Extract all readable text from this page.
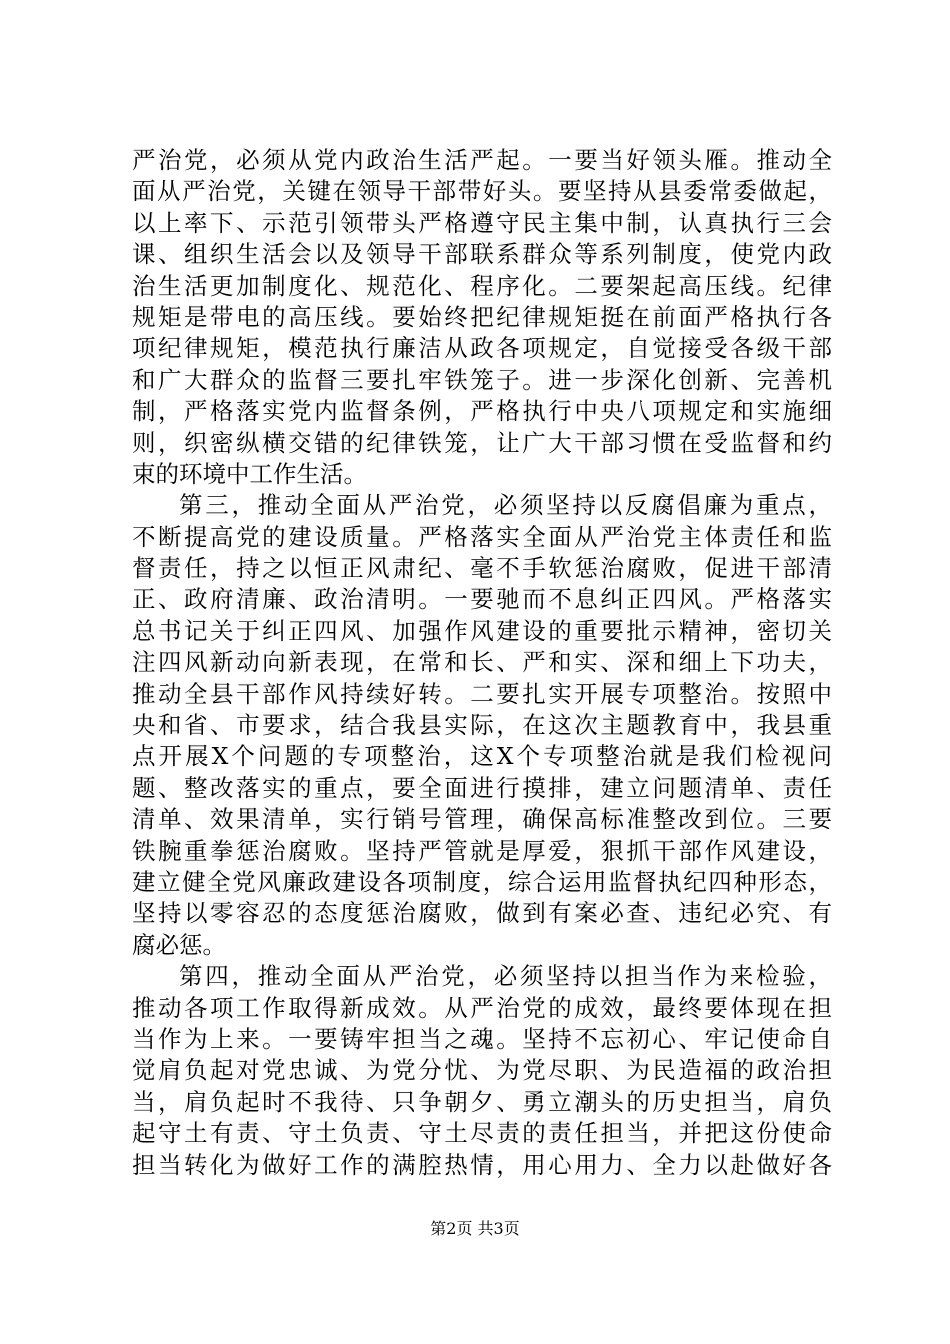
严治党，必须从党内政治生活严起。一要当好领头雁。推动全
面从严治党，关键在领导干部带好头。要坚持从县委常委做起，
以上率下、示范引领带头严格遵守民主集中制，认真执行三会
课、组织生活会以及领导干部联系群众等系列制度，使党内政
治生活更加制度化、规范化、程序化。二要架起高压线。纪律
规矩是带电的高压线。要始终把纪律规矩挺在前面严格执行各
项纪律规矩，模范执行廉洁从政各项规定，自觉接受各级干部
和广大群众的监督三要扎牢铁笼子。进一步深化创新、完善机
制，严格落实党内监督条例，严格执行中央八项规定和实施细
则，织密纵横交错的纪律铁笼，让广大干部习惯在受监督和约
束的环境中工作生活。
第三，推动全面从严治党，必须坚持以反腐倡廉为重点，
不断提高党的建设质量。严格落实全面从严治党主体责任和监
督责任，持之以恒正风肃纪、毫不手软惩治腐败，促进干部清
正、政府清廉、政治清明。一要驰而不息纠正四风。严格落实
总书记关于纠正四风、加强作风建设的重要批示精神，密切关
注四风新动向新表现，在常和长、严和实、深和细上下功夫，
推动全县干部作风持续好转。二要扎实开展专项整治。按照中
央和省、市要求，结合我县实际，在这次主题教育中，我县重
点开展X个问题的专项整治，这X个专项整治就是我们检视问
题、整改落实的重点，要全面进行摸排，建立问题清单、责任
清单、效果清单，实行销号管理，确保高标准整改到位。三要
铁腕重拳惩治腐败。坚持严管就是厚爱，狠抓干部作风建设，
建立健全党风廉政建设各项制度，综合运用监督执纪四种形态，
坚持以零容忍的态度惩治腐败，做到有案必查、违纪必究、有
腐必惩。
第四，推动全面从严治党，必须坚持以担当作为来检验，
推动各项工作取得新成效。从严治党的成效，最终要体现在担
当作为上来。一要铸牢担当之魂。坚持不忘初心、牢记使命自
觉肩负起对党忠诚、为党分忧、为党尽职、为民造福的政治担
当，肩负起时不我待、只争朝夕、勇立潮头的历史担当，肩负
起守土有责、守土负责、守土尽责的责任担当，并把这份使命
担当转化为做好工作的满腔热情，用心用力、全力以赴做好各
第2页 共3页
